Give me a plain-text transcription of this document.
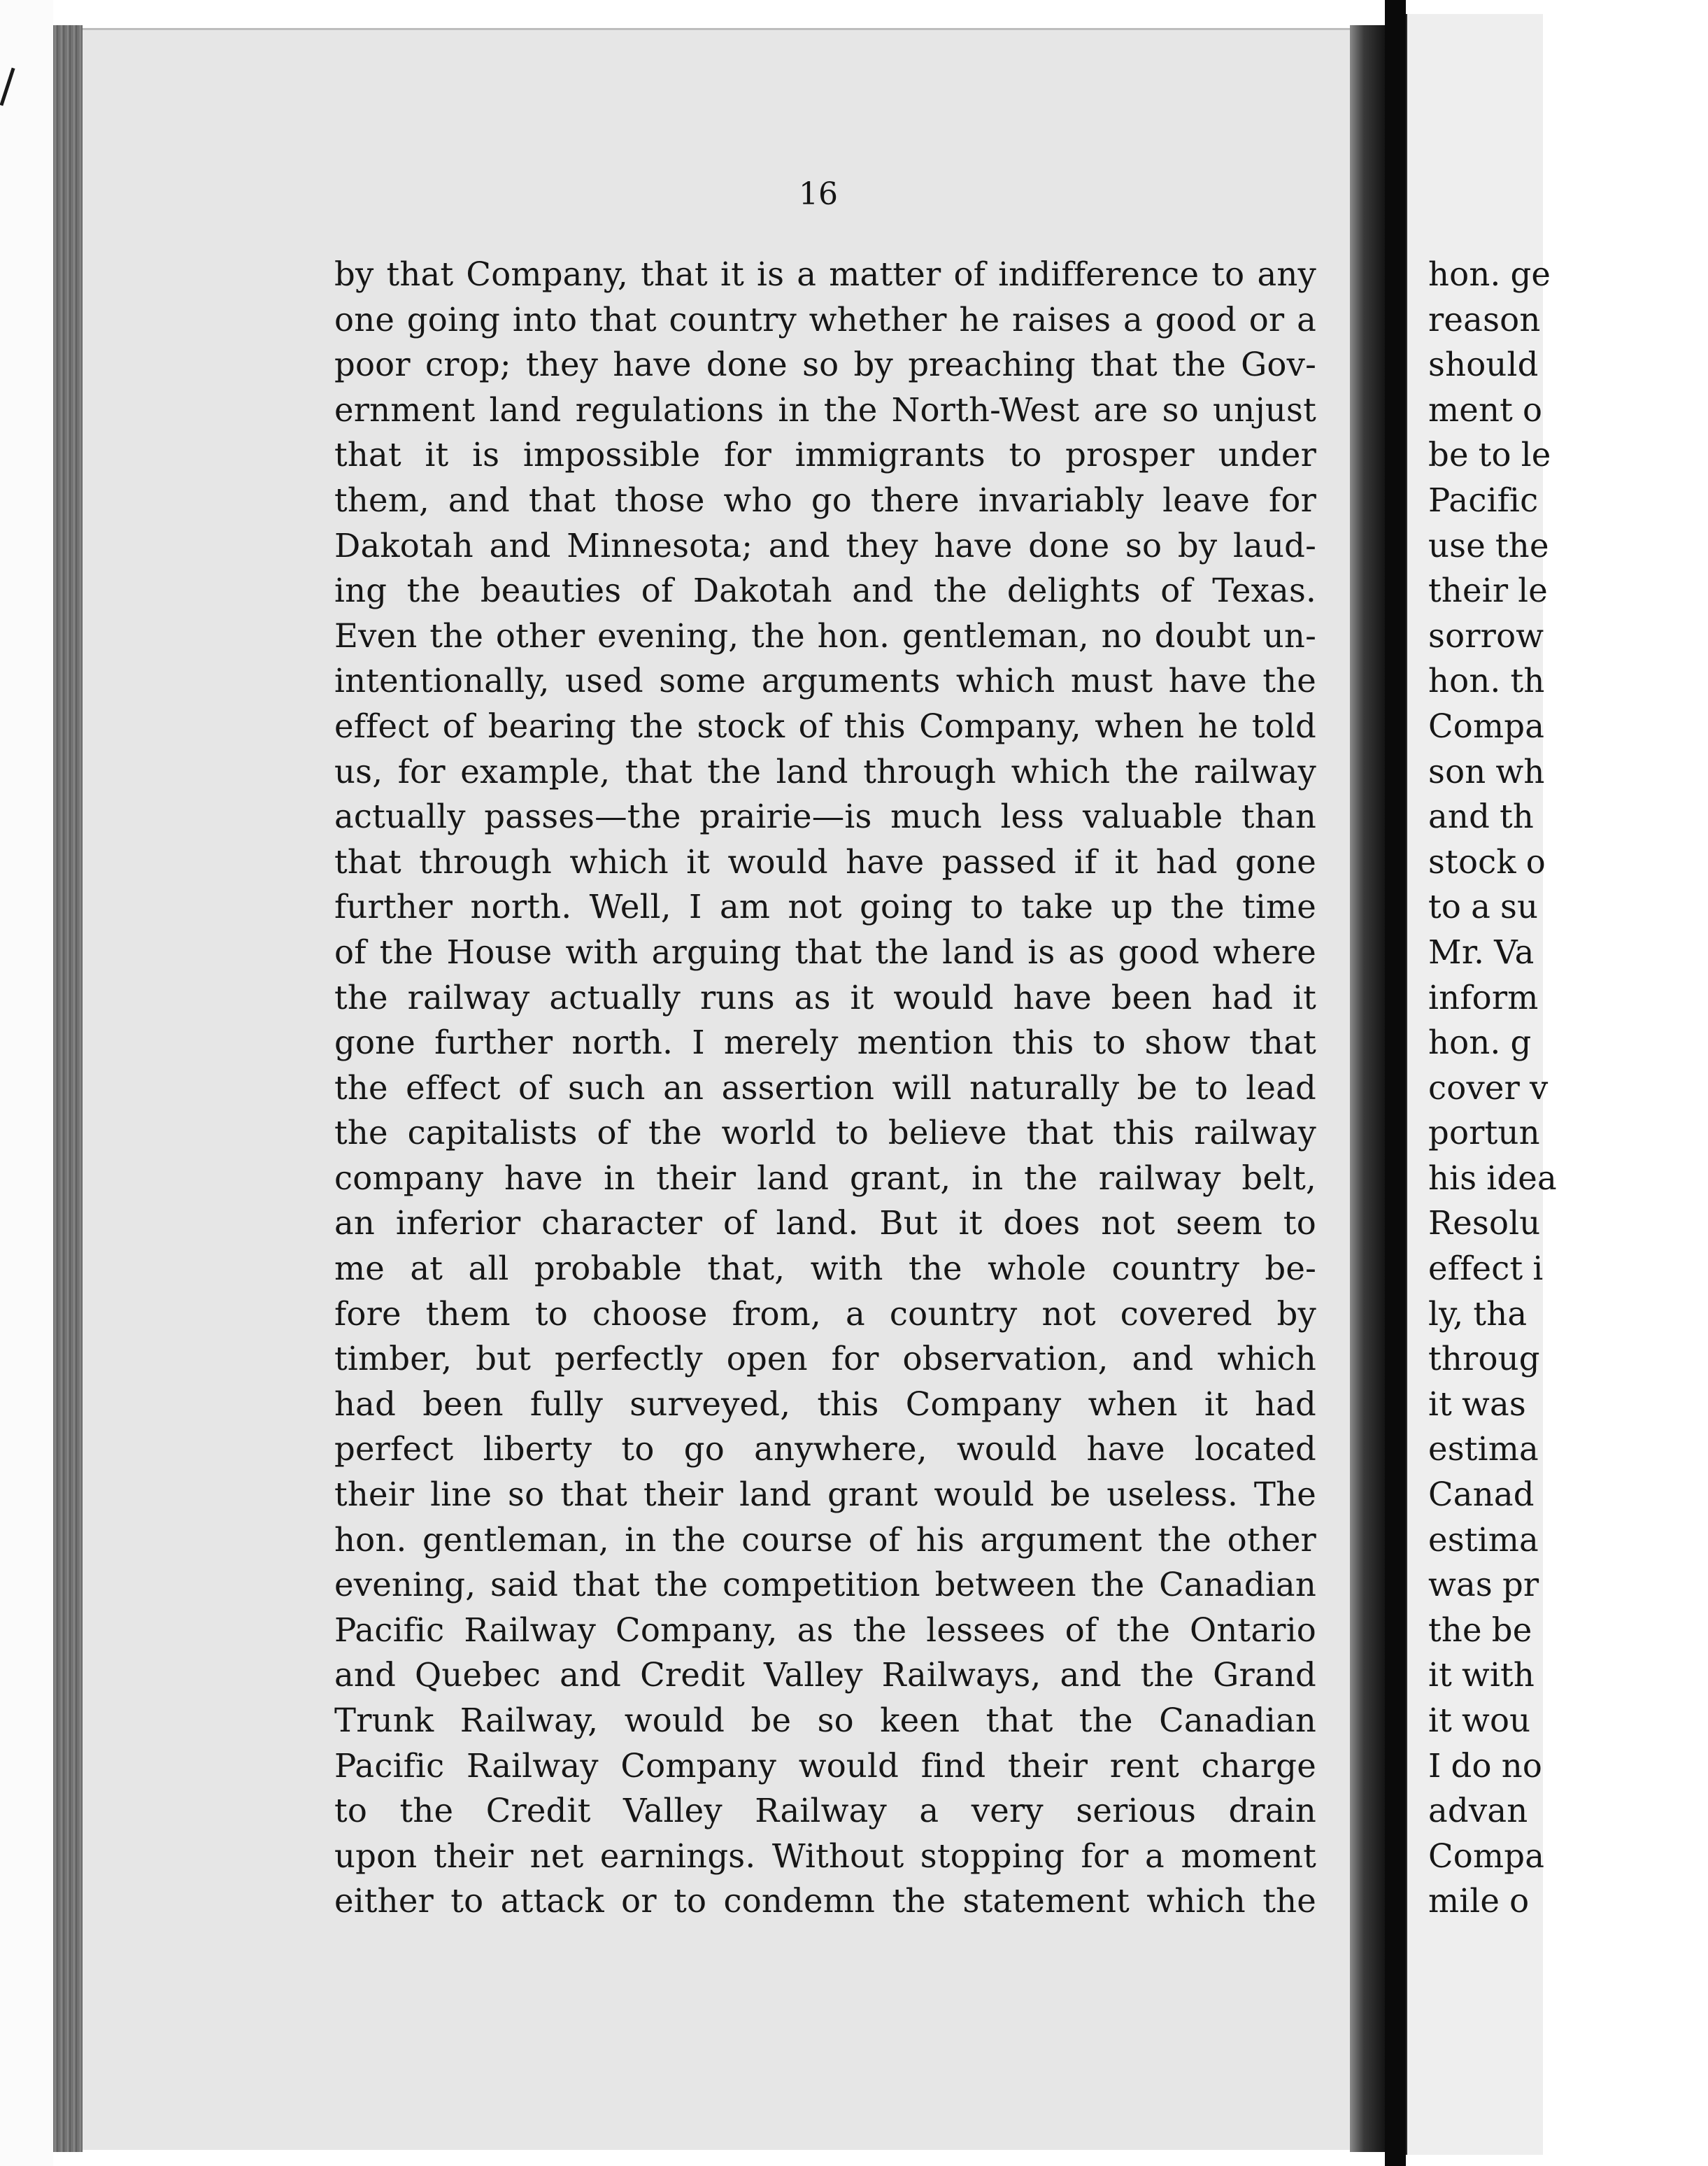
16
by that Company, that it is a matter of indifference to any
one going into that country whether he raises a good or a
poor crop; they have done so by preaching that the Gov-
ernment land regulations in the North-West are so unjust
that it is impossible for immigrants to prosper under
them, and that those who go there invariably leave for
Dakotah and Minnesota; and they have done so by laud-
ing the beauties of Dakotah and the delights of Texas.
Even the other evening, the hon. gentleman, no doubt un-
intentionally, used some arguments which must have the
effect of bearing the stock of this Company, when he told
us, for example, that the land through which the railway
actually passes—the prairie—is much less valuable than
that through which it would have passed if it had gone
further north. Well, I am not going to take up the time
of the House with arguing that the land is as good where
the railway actually runs as it would have been had it
gone further north. I merely mention this to show that
the effect of such an assertion will naturally be to lead
the capitalists of the world to believe that this railway
company have in their land grant, in the railway belt,
an inferior character of land. But it does not seem to
me at all probable that, with the whole country be-
fore them to choose from, a country not covered by
timber, but perfectly open for observation, and which
had been fully surveyed, this Company when it had
perfect liberty to go anywhere, would have located
their line so that their land grant would be useless. The
hon. gentleman, in the course of his argument the other
evening, said that the competition between the Canadian
Pacific Railway Company, as the lessees of the Ontario
and Quebec and Credit Valley Railways, and the Grand
Trunk Railway, would be so keen that the Canadian
Pacific Railway Company would find their rent charge
to the Credit Valley Railway a very serious drain
upon their net earnings. Without stopping for a moment
either to attack or to condemn the statement which the
hon. ge
reason
should
ment o
be to le
Pacific
use the
their le
sorrow
hon. th
Compa
son wh
and th
stock o
to a su
Mr. Va
inform
hon. g
cover v
portun
his idea
Resolu
effect i
ly, tha
throug
it was
estima
Canad
estima
was pr
the be
it with
it wou
I do no
advan
Compa
mile o
